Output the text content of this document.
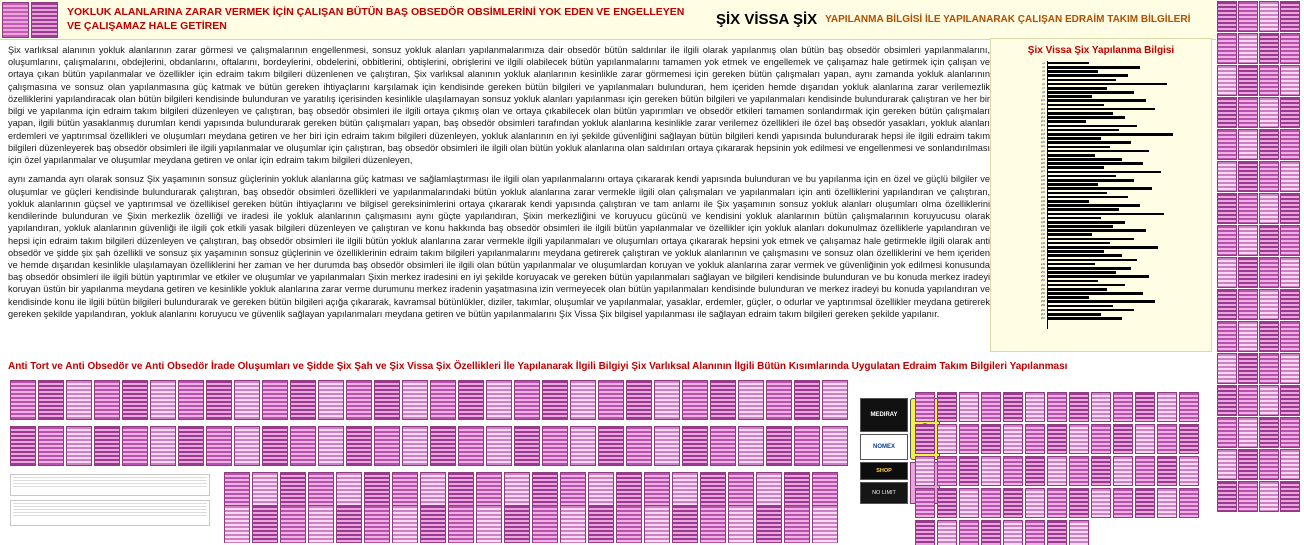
YOKLUK ALANLARINA ZARAR VERMEK İÇİN ÇALIŞAN BÜTÜN BAŞ OBSEDÖR OBSİMLERİNİ YOK EDEN VE ENGELLEYEN
VE ÇALIŞAMAZ HALE GETİREN	ŞİX VİSSA ŞİX YAPILANMA BİLGİSİ İLE YAPILANARAK ÇALIŞAN EDRAİM TAKIM BİLGİLERİ

Şix varlıksal alanının yokluk alanlarının zarar görmesi ve çalışmalarının engellenmesi, sonsuz yokluk alanları yapılanmalarımıza dair obsedör bütün saldırılar ile ilgili olarak yapılanmış olan bütün baş obsedör obsimleri yapılanmalarını, oluşumlarını, çalışmalarını, obdejlerini, obdanlarını, oftalarını, bordeylerini, obdelerini, obbitlerini, obtişlerini, obrişlerini ve ilgili olabilecek bütün yapılanmalarını tamamen yok etmek ve engellemek ve çalışamaz hale getirmek için çalışan ve ortaya çıkan bütün yapılanmalar ve özellikler için edraim takım bilgileri düzenlenen ve çalıştıran, Şix varlıksal alanının yokluk alanlarının kesinlikle zarar görmemesi için gereken bütün çalışmaları yapan, aynı zamanda yokluk alanlarının çalışmasına ve sonsuz olan yapılanmasına güç katmak ve bütün gereken ihtiyaçlarını karşılamak için kendisinde gereken bütün bilgileri ve yapılanmaları bulunduran, hem içeriden hemde dışarıdan yokluk alanlarına zarar verilemezlik özelliklerini yapılandıracak olan bütün bilgileri kendisinde bulunduran ve yaratılış içerisinden kesinlikle ulaşılamayan sonsuz yokluk alanları yapılanması için gereken bütün bilgileri ve yapılanmaları kendisinde bulundurarak çalıştıran ve her bir bilgi ve yapılanma için edraim takım bilgileri düzenleyen ve çalıştıran, baş obsedör obsimleri ile ilgili ortaya çıkmış olan ve ortaya çıkabilecek olan bütün yapırımları ve obsedör etkileri tamamen sonlandırmak için gereken bütün çalışmaları yapan, ilgili bütün yasaklanmış durumları kendi yapısında bulundurarak gereken bütün çalışmaları yapan, baş obsedör obsimleri tarafından yokluk alanlarına kesinlikle zarar verilemez özellikleri ile özel baş obsedör yasakları, yokluk alanları erdemleri ve yaptırımsal özellikleri ve oluşumları meydana getiren ve her biri için edraim takım bilgileri düzenleyen, yokluk alanlarının en iyi şekilde güvenliğini sağlayan bütün bilgileri kendi yapısında bulundurarak hepsi ile ilgili edraim takım bilgileri düzenleyerek baş obsedör obsimleri ile ilgili yapılanmalar ve oluşumlar için çalıştıran, baş obsedör obsimleri ile ilgili olan bütün yokluk alanlarına olan saldırıları ortaya çıkararak hepsinin yok edilmesi ve engellenmesi ve sonlandırılması için özel yapılanmalar ve oluşumlar meydana getiren ve onlar için edraim takım bilgileri düzenleyen,

aynı zamanda ayrı olarak sonsuz Şix yaşamının sonsuz güçlerinin yokluk alanlarına güç katması ve sağlamlaştırması ile ilgili olan yapılanmalarını ortaya çıkararak kendi yapısında bulunduran ve bu yapılanma için en özel ve güçlü bilgiler ve oluşumlar ve güçleri kendisinde bulundurarak çalıştıran, baş obsedör obsimleri özellikleri ve yapılanmalarındaki bütün yokluk alanlarına zarar vermekle ilgili olan çalışmaları ve yapılanmaları için anti özelliklerini yapılandıran ve çalıştıran, yokluk alanlarının güçsel ve yaptırımsal ve özellikisel gereken bütün ihtiyaçlarını ve bilgisel gereksinimlerini ortaya çıkararak kendi yapısında çalıştıran ve tam anlamı ile Şix yaşamının sonsuz yokluk alanları oluşumları olma özelliklerini kendilerinde bulunduran ve Şixin merkezlik özelliği ve iradesi ile yokluk alanlarının çalışmasını aynı güçte yapılandıran, Şixin merkezliğini ve koruyucu gücünü ve kendisini yokluk alanlarının bütün çalışmalarının koruyucusu olarak yapılandıran, yokluk alanlarının güvenliği ile ilgili çok etkili yasak bilgileri düzenleyen ve çalıştıran ve konu hakkında baş obsedör obsimleri ile ilgili bütün yapılanmalar ve özellikler için yokluk alanları dokunulmaz özelliklerle yapılandıran ve hepsi için edraim takım bilgileri düzenleyen ve çalıştıran, baş obsedör obsimleri ile ilgili bütün yokluk alanlarına zarar vermekle ilgili yapılanmaları ve oluşumları ortaya çıkararak hepsini yok etmek ve çalışamaz hale getirmekle ilgili olarak anti obsedör ve şidde şix şah özellikli ve sonsuz şix yaşamının sonsuz güçlerinin ve özelliklerinin edraim takım bilgileri yapılanmalarını meydana getirerek çalıştıran ve yokluk alanlarının ve çalışmasını ve sonsuz olan özelliklerini ve hem içeriden ve hemde dışarıdan kesinlikle ulaşılamayan özelliklerini her zaman ve her durumda baş obsedör obsimleri ile ilgili olan bütün yapılanmalar ve oluşumlardan koruyan ve yokluk alanlarına zarar vermek ve güvenliğinin yok edilmesi konusunda baş obsedör obsimleri ile ilgili bütün yaptırımlar ve etkiler ve oluşumlar ve yapılanmaları Şixin merkez iradesini en iyi şekilde koruyacak ve gereken bütün yapılanmaları sağlayan ve bilgileri kendisinde bulunduran ve bu konuda merkez iradeyi koruyan üstün bir yapılanma meydana getiren ve kesinlikle yokluk alanlarına zarar verme durumunu merkez iradenin yaşatmasına izin vermeyecek olan bütün yapılanmaları kendisinde bulunduran ve merkez iradeyi bu konuda yapılandıran ve kendisinde konu ile ilgili bütün bilgileri bulundurarak ve gereken bütün bilgileri açığa çıkararak, kavramsal bütünlükler, diziler, takımlar, oluşumlar ve yapılanmalar, yasaklar, erdemler, güçler, o odurlar ve yaptırımsal özellikler meydana getirerek gereken şekilde yapılandıran, yokluk alanlarını koruyucu ve güvenlik sağlayan yapılanmaları meydana getiren ve bütün yapılanmalarını Şix Vissa Şix bilgisel yapılanması ile sağlayan edraim takım bilgileri gereken şekilde yapılanır.

Şix Vissa Şix Yapılanma Bilgisi
ş1
ş2
ş3
ş4
ş5
ş6
ş7
ş8
ş9
ş10
ş11
ş12
ş13
ş14
ş15
ş16
ş17
ş18
ş19
ş20
ş21
ş22
ş23
ş24
ş25
ş26
ş27
ş28
ş29
ş30
ş31
ş32
ş33
ş34
ş35
ş36
ş37
ş38
ş39
ş40
ş41
ş42
ş43
ş44
ş45
ş46
ş47
ş48
ş49
ş50
ş51
ş52
ş53
ş54
ş55
ş56
ş57
ş58
ş59
ş60
ş61
ş62
Anti Tort ve Anti Obsedör ve Anti Obsedör İrade Oluşumları ve Şidde Şix Şah ve Şix Vissa Şix Özellikleri İle Yapılanarak İlgili Bilgiyi Şix Varlıksal Alanının İlgili Bütün Kısımlarında Uygulatan Edraim Takım Bilgileri Yapılanması
MEDIRAY
NOMEX
SHOP
NO LIMIT
